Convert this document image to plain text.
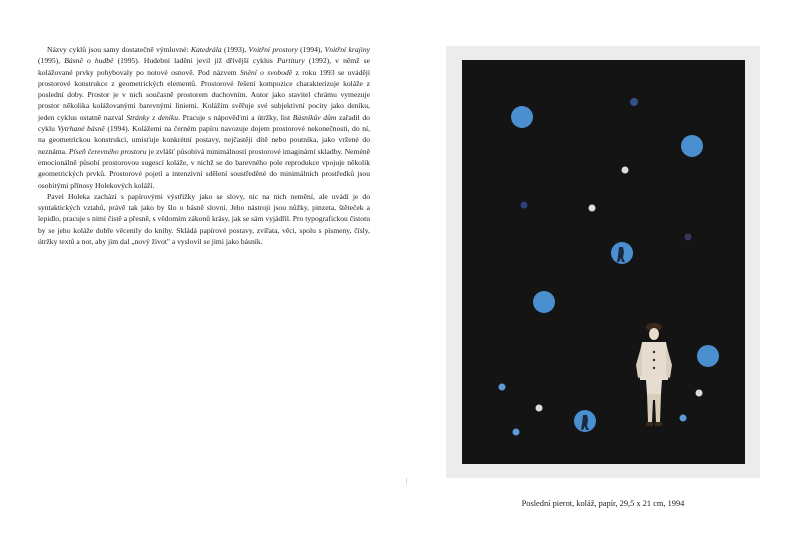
Názvy cyklů jsou samy dostatečně výmluvné: Katedrála (1993), Vnitřní prostory (1994), Vnitřní krajiny (1995), Básně o hudbě (1995). Hudební laděnί jevil již dřívější cyklus Partitury (1992), v němž se kolážované prvky pohybovaly po notové osnově. Pod názvem Snění o svobodě z roku 1993 se uvádějí prostorové konstrukce z geometrických elementů. Prostorové řešení kompozice charakterizuje koláže z poslední doby. Prostor je v nich současně prostorem duchovním. Autor jako stavitel chrámu vymezuje prostor několika kolážovanými barevnými liniemi. Kolážím svěřuje své subjektivní pocity jako deníku, jeden cyklus ostatně nazval Stránky z deníku. Pracuje s nápověďmi a útržky, list Básníkův dům zařadil do cyklu Vytrhané básně (1994). Kolážemi na černém papíru navozuje dojem prostorové nekonečnosti, do ní, na geometrickou konstrukci, umisťuje konkrétní postavy, nejčastěji dítě nebo poutníka, jako vržené do neznáma. Píseň čerevného prostoru je zvlášť působivá minimálností prostorové imaginární skladby. Neméně emocionálně působí prostorovou sugescí koláže, v nichž se do barevného pole reprodukce vpojuje několik geometrických prvků. Prostorové pojetí a intenzivní sdělení soustředěné do minimálních prostředků jsou osobitými přínosy Holekových koláží.

Pavel Holeka zachází s papírovými výstřižky jako se slovy, nic na nich nemění, ale uvádí je do syntaktických vztahů, právě tak jako by šlo o básně slovní. Jeho nástroji jsou nůžky, pinzeta, štěteček a lepidlo, pracuje s nimi čistě a přesně, s vědomím zákonů krásy, jak se sám vyjádřil. Pro typografickou čistotu by se jeho koláže dobře věcenily do knihy. Skládá papírové postavy, zvířata, věci, spolu s písmeny, čísly, útržky textů a not, aby jim dal „nový život" a vyslovil se jimi jako básník.

Poslední pierot, koláž, papír, 29,5 x 21 cm, 1994
